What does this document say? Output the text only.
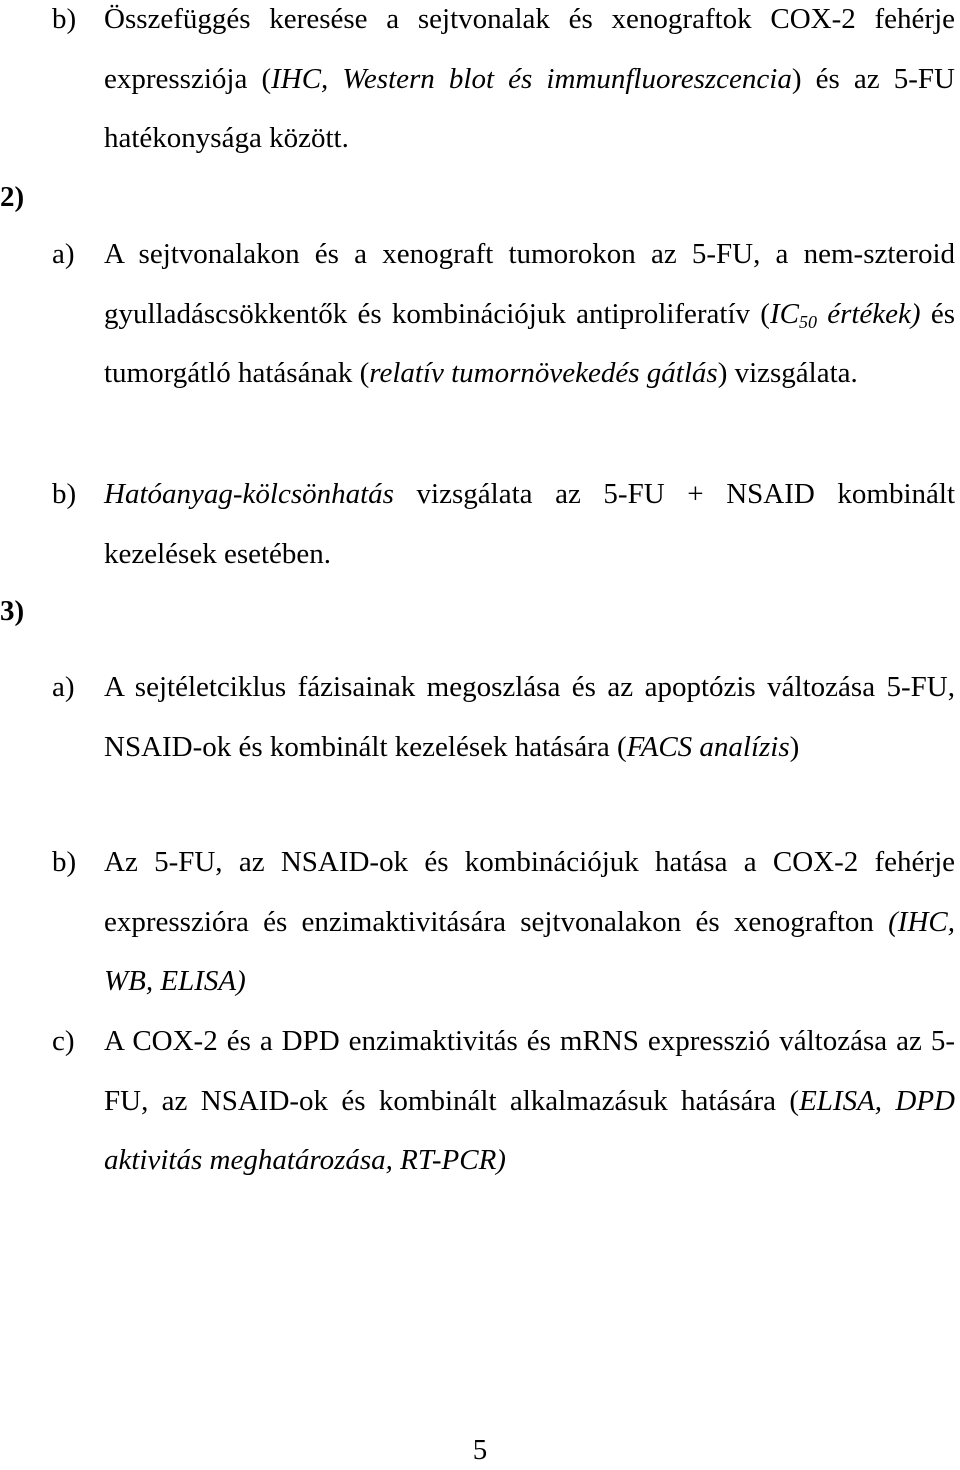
b) Összefüggés keresése a sejtvonalak és xenograftok COX-2 fehérje expressziója (IHC, Western blot és immunfluoreszcencia) és az 5-FU hatékonysága között.
2)
a) A sejtvonalakon és a xenograft tumorokon az 5-FU, a nem-szteroid gyulladáscsökkentők és kombinációjuk antiproliferatív ($IC_{50}$ értékek) és tumorgátló hatásának (relatív tumornövekedés gátlás) vizsgálata.
b) Hatóanyag-kölcsönhatás vizsgálata az 5-FU + NSAID kombinált kezelések esetében.
3)
a) A sejtéletciklus fázisainak megoszlása és az apoptózis változása 5-FU, NSAID-ok és kombinált kezelések hatására (FACS analízis)
b) Az 5-FU, az NSAID-ok és kombinációjuk hatása a COX-2 fehérje expresszióra és enzimaktivitására sejtvonalakon és xenografton (IHC, WB, ELISA)
c) A COX-2 és a DPD enzimaktivitás és mRNS expresszió változása az 5-FU, az NSAID-ok és kombinált alkalmazásuk hatására (ELISA, DPD aktivitás meghatározása, RT-PCR)
5
